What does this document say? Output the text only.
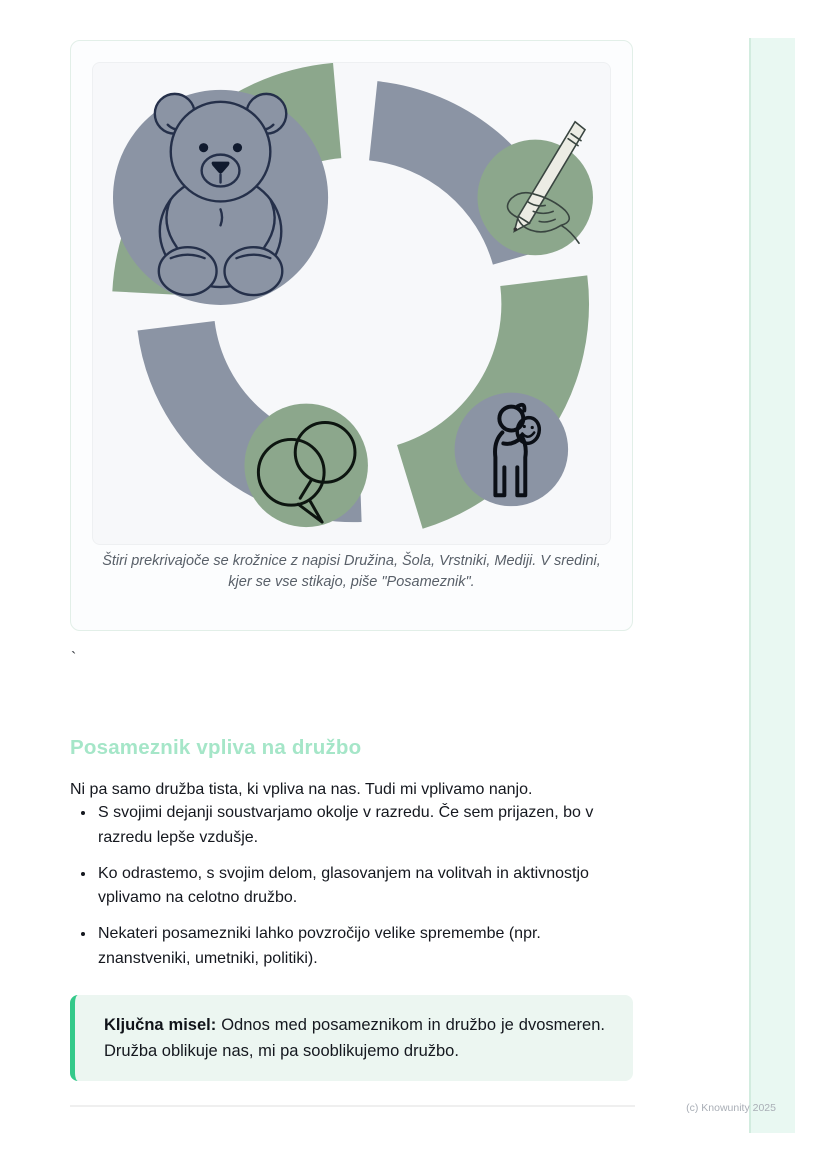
Štiri prekrivajoče se krožnice z napisi Družina, Šola, Vrstniki, Mediji. V sredini, kjer se vse stikajo, piše "Posameznik".
`
Posameznik vpliva na družbo

Ni pa samo družba tista, ki vpliva na nas. Tudi mi vplivamo nanjo.

• S svojimi dejanji soustvarjamo okolje v razredu. Če sem prijazen, bo v razredu lepše vzdušje.
• Ko odrastemo, s svojim delom, glasovanjem na volitvah in aktivnostjo vplivamo na celotno družbo.
• Nekateri posamezniki lahko povzročijo velike spremembe (npr. znanstveniki, umetniki, politiki).
Ključna misel: Odnos med posameznikom in družbo je dvosmeren. Družba oblikuje nas, mi pa sooblikujemo družbo.
(c) Knowunity 2025
